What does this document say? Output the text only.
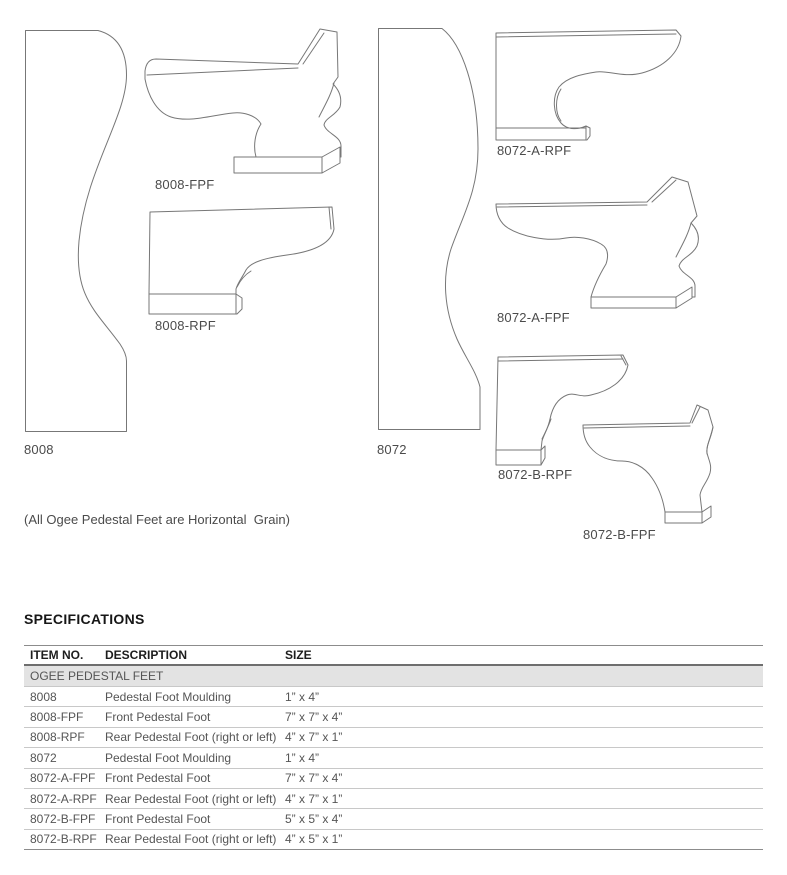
8008
8008-FPF
8008-RPF
8072
8072-A-RPF
8072-A-FPF
8072-B-RPF
8072-B-FPF
(All Ogee Pedestal Feet are Horizontal  Grain)
SPECIFICATIONS
ITEM NO.	DESCRIPTION	SIZE
OGEE PEDESTAL FEET
8008	Pedestal Foot Moulding	1” x 4”
8008-FPF	Front Pedestal Foot	7” x 7” x 4”
8008-RPF	Rear Pedestal Foot (right or left) 4” x 7” x 1”
8072	Pedestal Foot Moulding	1” x 4”
8072-A-FPF Front Pedestal Foot	7” x 7” x 4”
8072-A-RPF Rear Pedestal Foot (right or left) 4” x 7” x 1”
8072-B-FPF Front Pedestal Foot	5” x 5” x 4”
8072-B-RPF Rear Pedestal Foot (right or left) 4” x 5” x 1”
